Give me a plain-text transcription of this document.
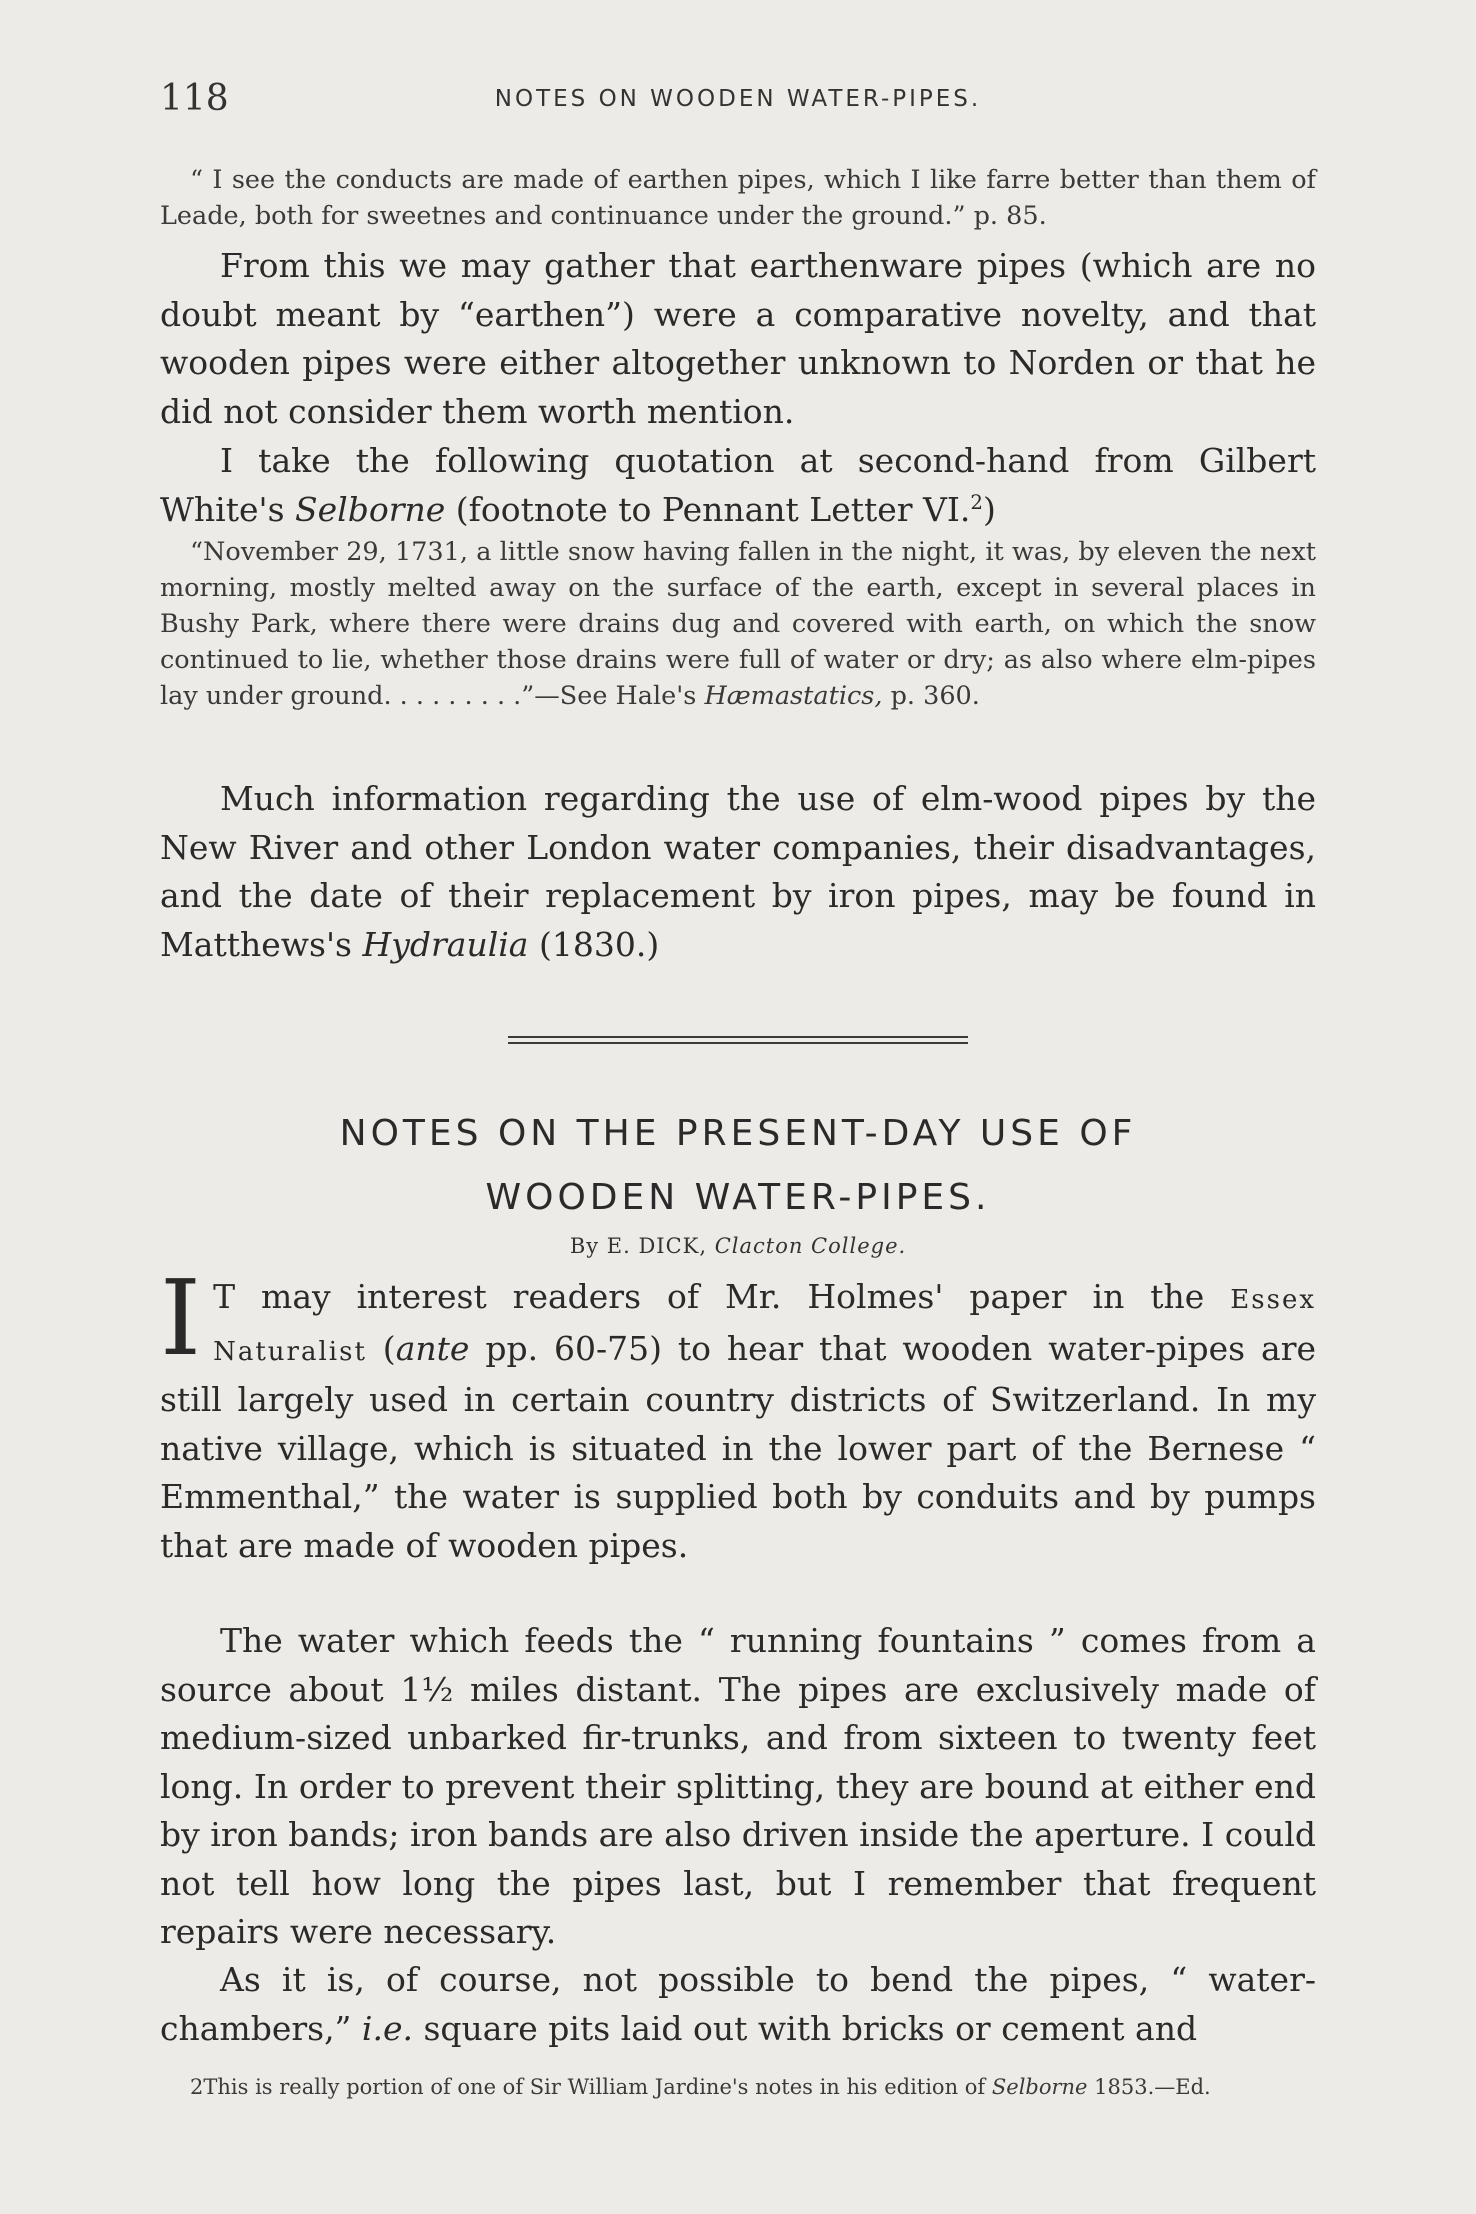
118	NOTES ON WOODEN WATER-PIPES.
“ I see the conducts are made of earthen pipes, which I like farre better than them of Leade, both for sweetnes and continuance under the ground.” p. 85.
From this we may gather that earthenware pipes (which are no doubt meant by “earthen”) were a comparative novelty, and that wooden pipes were either altogether unknown to Norden or that he did not consider them worth mention.
I take the following quotation at second-hand from Gilbert White's Selborne (footnote to Pennant Letter VI.$^2$)
“November 29, 1731, a little snow having fallen in the night, it was, by eleven the next morning, mostly melted away on the surface of the earth, except in several places in Bushy Park, where there were drains dug and covered with earth, on which the snow continued to lie, whether those drains were full of water or dry; as also where elm-pipes lay under ground. . . . . . . . .”—See Hale's Hæmastatics, p. 360.
Much information regarding the use of elm-wood pipes by the New River and other London water companies, their disadvantages, and the date of their replacement by iron pipes, may be found in Matthews's Hydraulia (1830.)
NOTES ON THE PRESENT-DAY USE OF
WOODEN WATER-PIPES.
By E. DICK, Clacton College.
I T may interest readers of Mr. Holmes' paper in the Essex Naturalist (ante pp. 60-75) to hear that wooden water-pipes are still largely used in certain country districts of Switzerland. In my native village, which is situated in the lower part of the Bernese “ Emmenthal,” the water is supplied both by conduits and by pumps that are made of wooden pipes.
The water which feeds the “ running fountains ” comes from a source about 1½ miles distant. The pipes are exclusively made of medium-sized unbarked fir-trunks, and from sixteen to twenty feet long. In order to prevent their splitting, they are bound at either end by iron bands; iron bands are also driven inside the aperture. I could not tell how long the pipes last, but I remember that frequent repairs were necessary.
As it is, of course, not possible to bend the pipes, “ water-chambers,” i.e. square pits laid out with bricks or cement and
2This is really portion of one of Sir William Jardine's notes in his edition of Selborne 1853.—Ed.
